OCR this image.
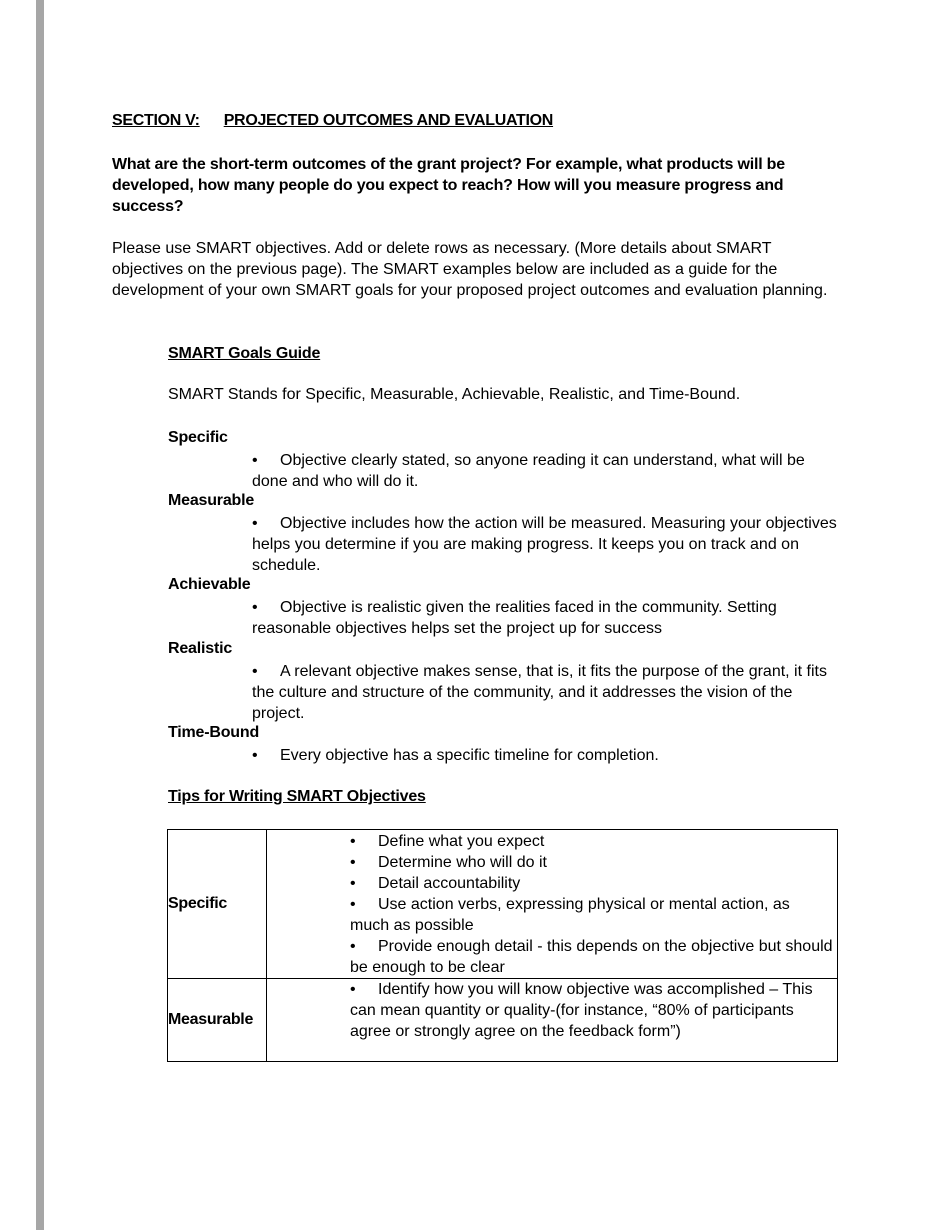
SECTION V: PROJECTED OUTCOMES AND EVALUATION

What are the short-term outcomes of the grant project? For example, what products will be developed, how many people do you expect to reach? How will you measure progress and success?

Please use SMART objectives. Add or delete rows as necessary. (More details about SMART objectives on the previous page). The SMART examples below are included as a guide for the development of your own SMART goals for your proposed project outcomes and evaluation planning.

SMART Goals Guide

SMART Stands for Specific, Measurable, Achievable, Realistic, and Time-Bound.

Specific

• Objective clearly stated, so anyone reading it can understand, what will be done and who will do it.

Measurable

• Objective includes how the action will be measured. Measuring your objectives helps you determine if you are making progress. It keeps you on track and on schedule.

Achievable

• Objective is realistic given the realities faced in the community. Setting reasonable objectives helps set the project up for success

Realistic

• A relevant objective makes sense, that is, it fits the purpose of the grant, it fits the culture and structure of the community, and it addresses the vision of the project.

Time-Bound

• Every objective has a specific timeline for completion.

Tips for Writing SMART Objectives

Specific	• Define what you expect
• Determine who will do it
• Detail accountability
• Use action verbs, expressing physical or mental action, as much as possible
• Provide enough detail - this depends on the objective but should be enough to be clear

Measurable	• Identify how you will know objective was accomplished – This can mean quantity or quality-(for instance, “80% of participants agree or strongly agree on the feedback form”)
